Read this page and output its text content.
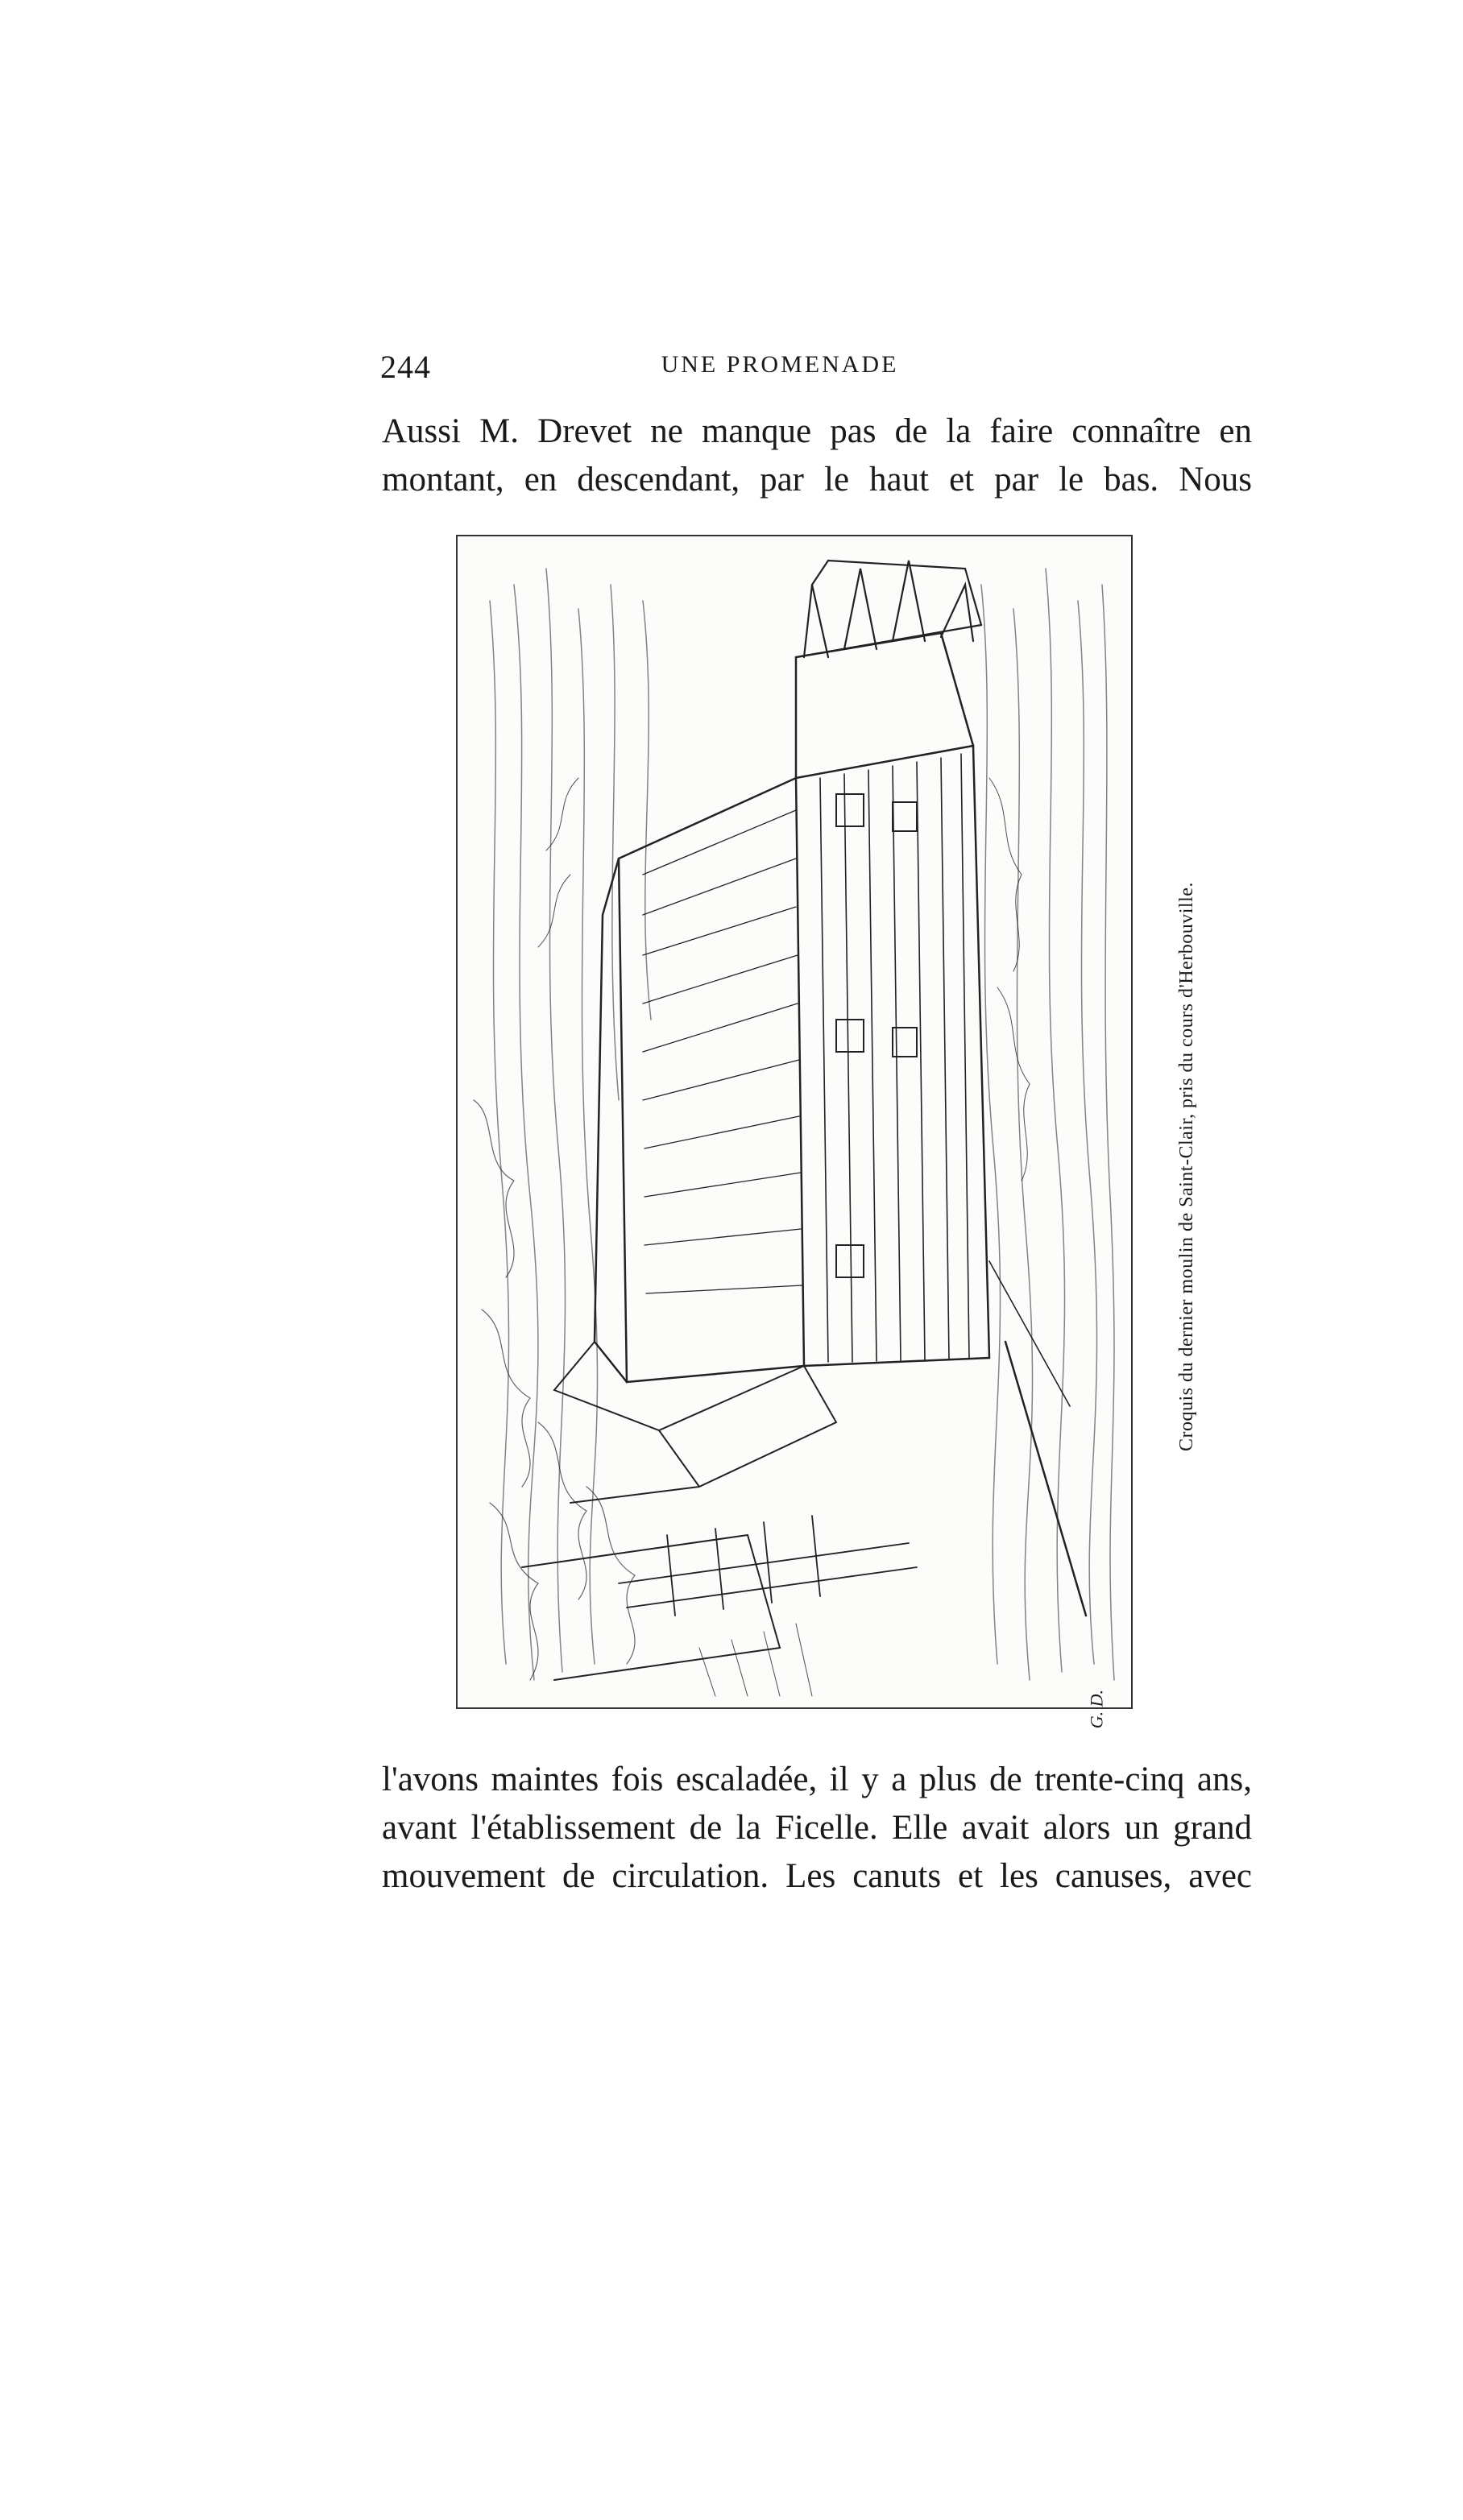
244	UNE PROMENADE
Aussi M. Drevet ne manque pas de la faire connaître en
montant, en descendant, par le haut et par le bas. Nous
G. D.
Croquis du dernier moulin de Saint-Clair, pris du cours d'Herbouville.
l'avons maintes fois escaladée, il y a plus de trente-cinq ans,
avant l'établissement de la Ficelle. Elle avait alors un grand
mouvement de circulation. Les canuts et les canuses, avec
